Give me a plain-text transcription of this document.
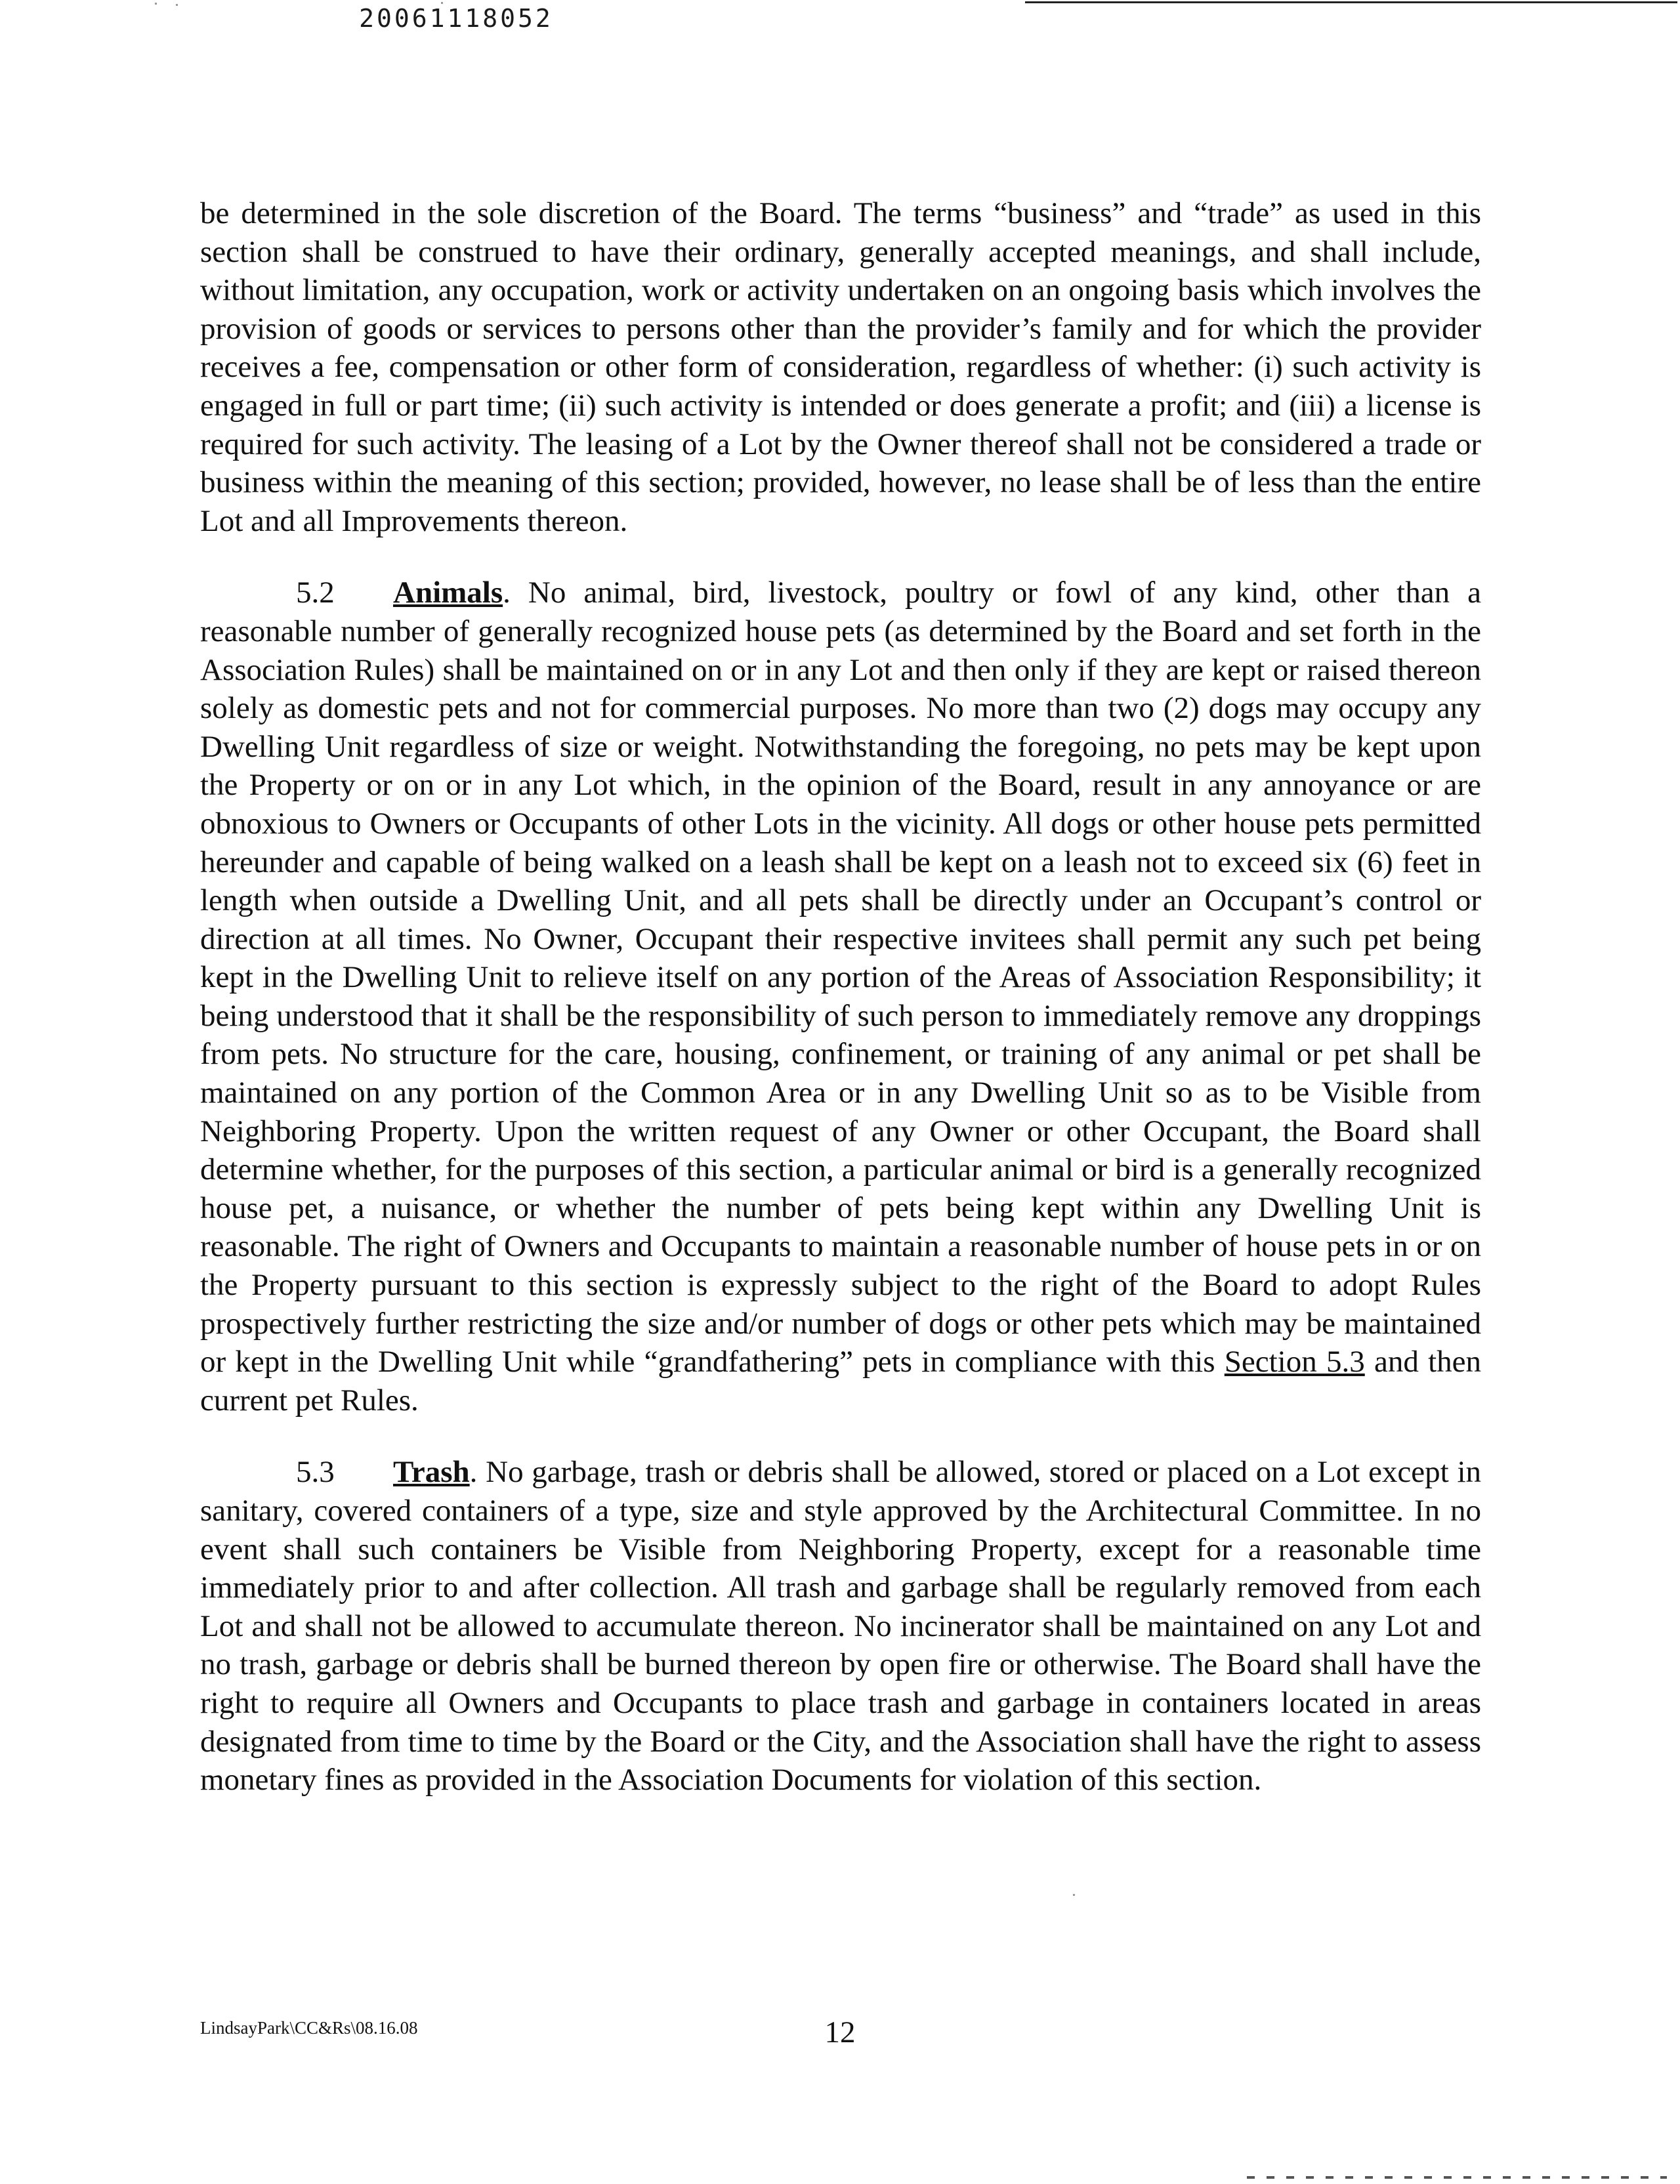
20061118052

be determined in the sole discretion of the Board. The terms “business” and “trade” as used in this section shall be construed to have their ordinary, generally accepted meanings, and shall include, without limitation, any occupation, work or activity undertaken on an ongoing basis which involves the provision of goods or services to persons other than the provider’s family and for which the provider receives a fee, compensation or other form of consideration, regardless of whether: (i) such activity is engaged in full or part time; (ii) such activity is intended or does generate a profit; and (iii) a license is required for such activity. The leasing of a Lot by the Owner thereof shall not be considered a trade or business within the meaning of this section; provided, however, no lease shall be of less than the entire Lot and all Improvements thereon.

5.2 Animals. No animal, bird, livestock, poultry or fowl of any kind, other than a reasonable number of generally recognized house pets (as determined by the Board and set forth in the Association Rules) shall be maintained on or in any Lot and then only if they are kept or raised thereon solely as domestic pets and not for commercial purposes. No more than two (2) dogs may occupy any Dwelling Unit regardless of size or weight. Notwithstanding the foregoing, no pets may be kept upon the Property or on or in any Lot which, in the opinion of the Board, result in any annoyance or are obnoxious to Owners or Occupants of other Lots in the vicinity. All dogs or other house pets permitted hereunder and capable of being walked on a leash shall be kept on a leash not to exceed six (6) feet in length when outside a Dwelling Unit, and all pets shall be directly under an Occupant’s control or direction at all times. No Owner, Occupant their respective invitees shall permit any such pet being kept in the Dwelling Unit to relieve itself on any portion of the Areas of Association Responsibility; it being understood that it shall be the responsibility of such person to immediately remove any droppings from pets. No structure for the care, housing, confinement, or training of any animal or pet shall be maintained on any portion of the Common Area or in any Dwelling Unit so as to be Visible from Neighboring Property. Upon the written request of any Owner or other Occupant, the Board shall determine whether, for the purposes of this section, a particular animal or bird is a generally recognized house pet, a nuisance, or whether the number of pets being kept within any Dwelling Unit is reasonable. The right of Owners and Occupants to maintain a reasonable number of house pets in or on the Property pursuant to this section is expressly subject to the right of the Board to adopt Rules prospectively further restricting the size and/or number of dogs or other pets which may be maintained or kept in the Dwelling Unit while “grandfathering” pets in compliance with this Section 5.3 and then current pet Rules.

5.3 Trash. No garbage, trash or debris shall be allowed, stored or placed on a Lot except in sanitary, covered containers of a type, size and style approved by the Architectural Committee. In no event shall such containers be Visible from Neighboring Property, except for a reasonable time immediately prior to and after collection. All trash and garbage shall be regularly removed from each Lot and shall not be allowed to accumulate thereon. No incinerator shall be maintained on any Lot and no trash, garbage or debris shall be burned thereon by open fire or otherwise. The Board shall have the right to require all Owners and Occupants to place trash and garbage in containers located in areas designated from time to time by the Board or the City, and the Association shall have the right to assess monetary fines as provided in the Association Documents for violation of this section.

LindsayPark\CC&Rs\08.16.08	12
